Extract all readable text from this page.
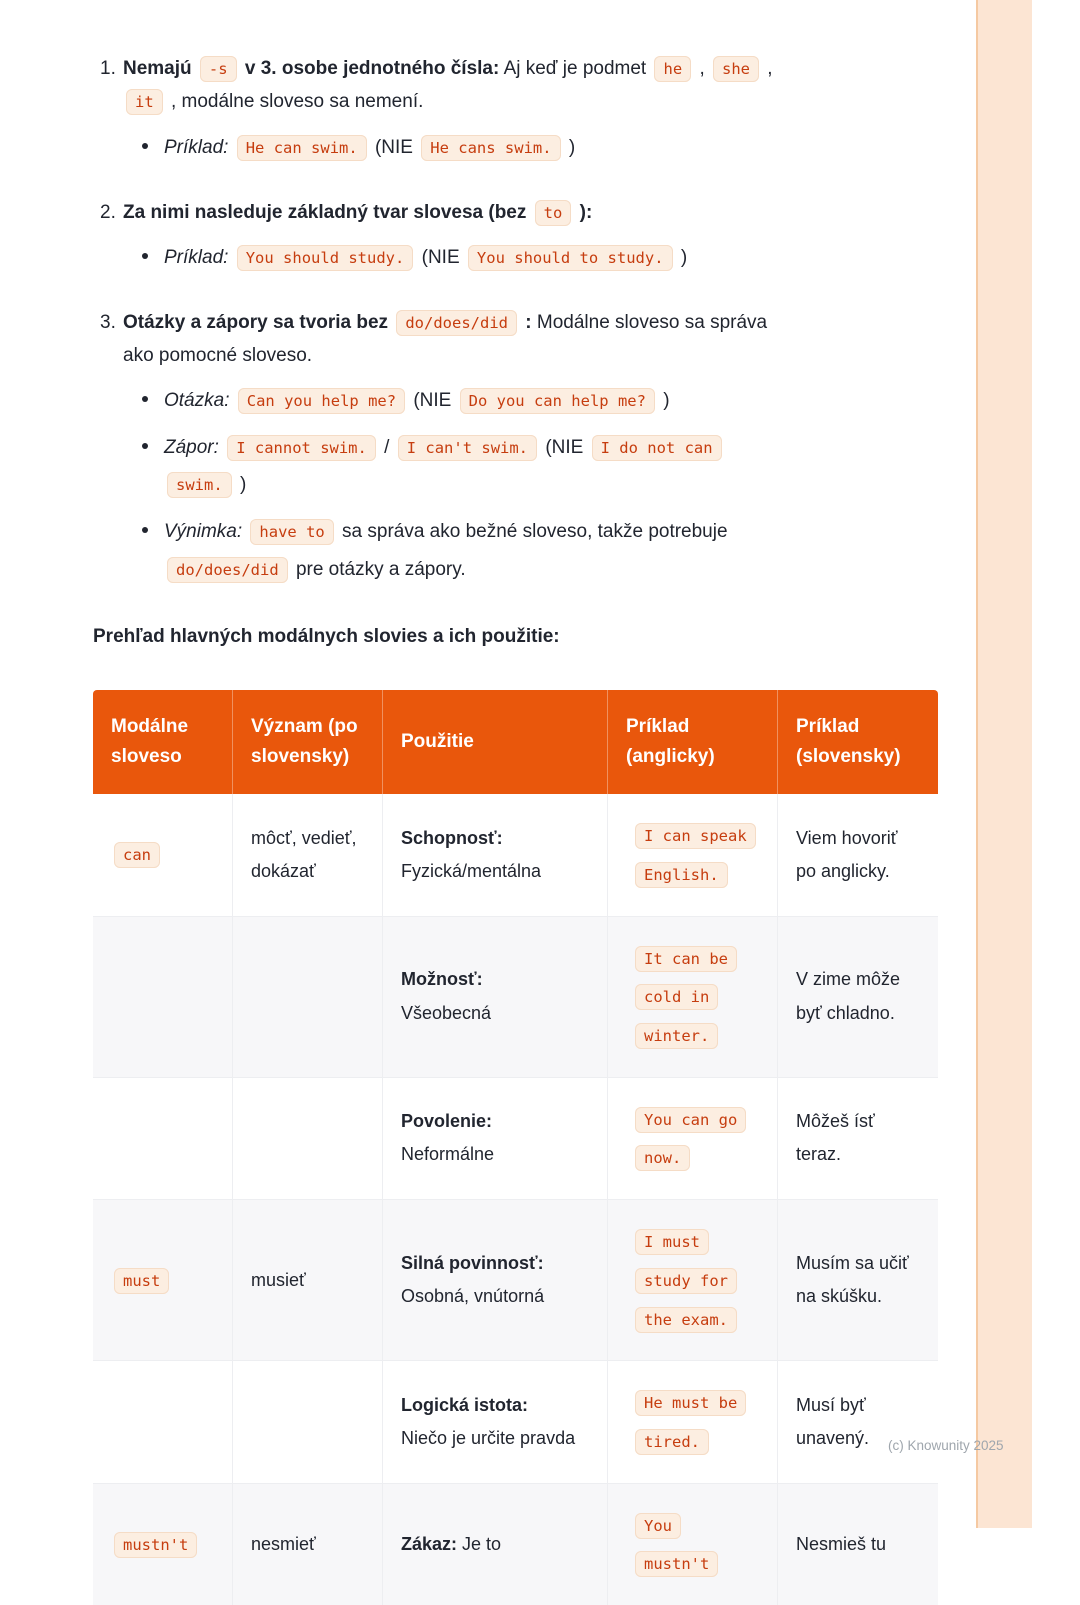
1. Nemajú -s v 3. osobe jednotného čísla: Aj keď je podmet he , she , it , modálne sloveso sa nemení.

Príklad: He can swim. (NIE He cans swim. )

2. Za nimi nasleduje základný tvar slovesa (bez to ):

Príklad: You should study. (NIE You should to study. )

3. Otázky a zápory sa tvoria bez do/does/did : Modálne sloveso sa správa ako pomocné sloveso.

Otázka: Can you help me? (NIE Do you can help me? )

Zápor: I cannot swim. / I can't swim. (NIE I do not can swim. )

Výnimka: have to sa správa ako bežné sloveso, takže potrebuje do/does/did pre otázky a zápory.

Prehľad hlavných modálnych slovies a ich použitie:

Modálne sloveso	Význam (po slovensky)	Použitie	Príklad (anglicky)	Príklad (slovensky)
can	môcť, vedieť, dokázať	Schopnosť:
Fyzická/mentálna	I can speak English.	Viem hovoriť po anglicky.

		Možnosť:
Všeobecná	It can be cold in winter.	V zime môže byť chladno.

		Povolenie:
Neformálne	You can go now.	Môžeš ísť teraz.
must	musieť	Silná povinnosť:
Osobná, vnútorná	I must study for the exam.	Musím sa učiť na skúšku.

		Logická istota:
Niečo je určite pravda	He must be tired.	Musí byť unavený.
mustn't	nesmieť	Zákaz: Je to	You mustn't	Nesmieš tu
(c) Knowunity 2025
